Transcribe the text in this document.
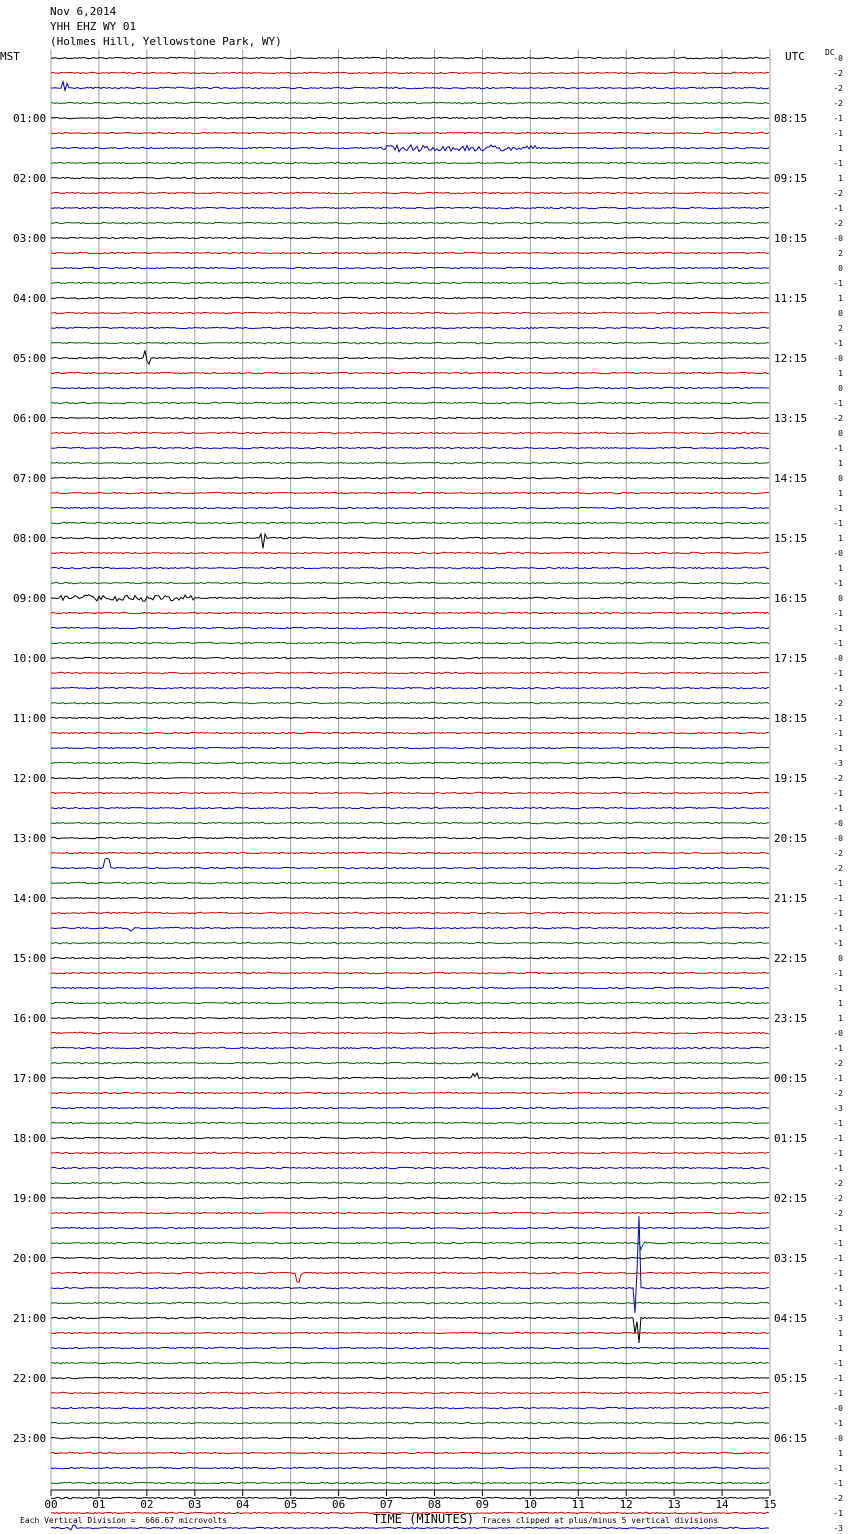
Nov 6,2014
YHH EHZ WY 01
(Holmes Hill, Yellowstone Park, WY)
MST	UTC	DC
00	01	02	03	04	05	06	07	08	09	10	11	12	13	14	15
-0
-2
-2
-2
-1
-1
1
-1
1
-2
-1
-2
-0
2
0
-1
1
0
2
-1
-0
1
0
-1
-2
0
-1
1
0
1
-1
-1
1
-0
1
-1
0
-1
-1
-1
-0
-1
-1
-2
-1
-1
-1
-3
-2
-1
-1
-0
-0
-2
-2
-1
-1
-1
-1
-1
0
-1
-1
1
1
-0
-1
-2
-1
-2
-3
-1
-1
-1
-1
-2
-2
-2
-1
-1
-1
-1
-1
-1
-3
1
1
-1
-1
-1
-0
-1
-0
1
-1
-1
-2
-1
-3
01:00
02:00
03:00
04:00
05:00
06:00
07:00
08:00
09:00
10:00
11:00
12:00
13:00
14:00
15:00
16:00
17:00
18:00
19:00
20:00
21:00
22:00
23:00
08:15
09:15
10:15
11:15
12:15
13:15
14:15
15:15
16:15
17:15
18:15
19:15
20:15
21:15
22:15
23:15
00:15
01:15
02:15
03:15
04:15
05:15
06:15
TIME (MINUTES)
Each Vertical Division =  666.67 microvolts	Traces clipped at plus/minus 5 vertical divisions
